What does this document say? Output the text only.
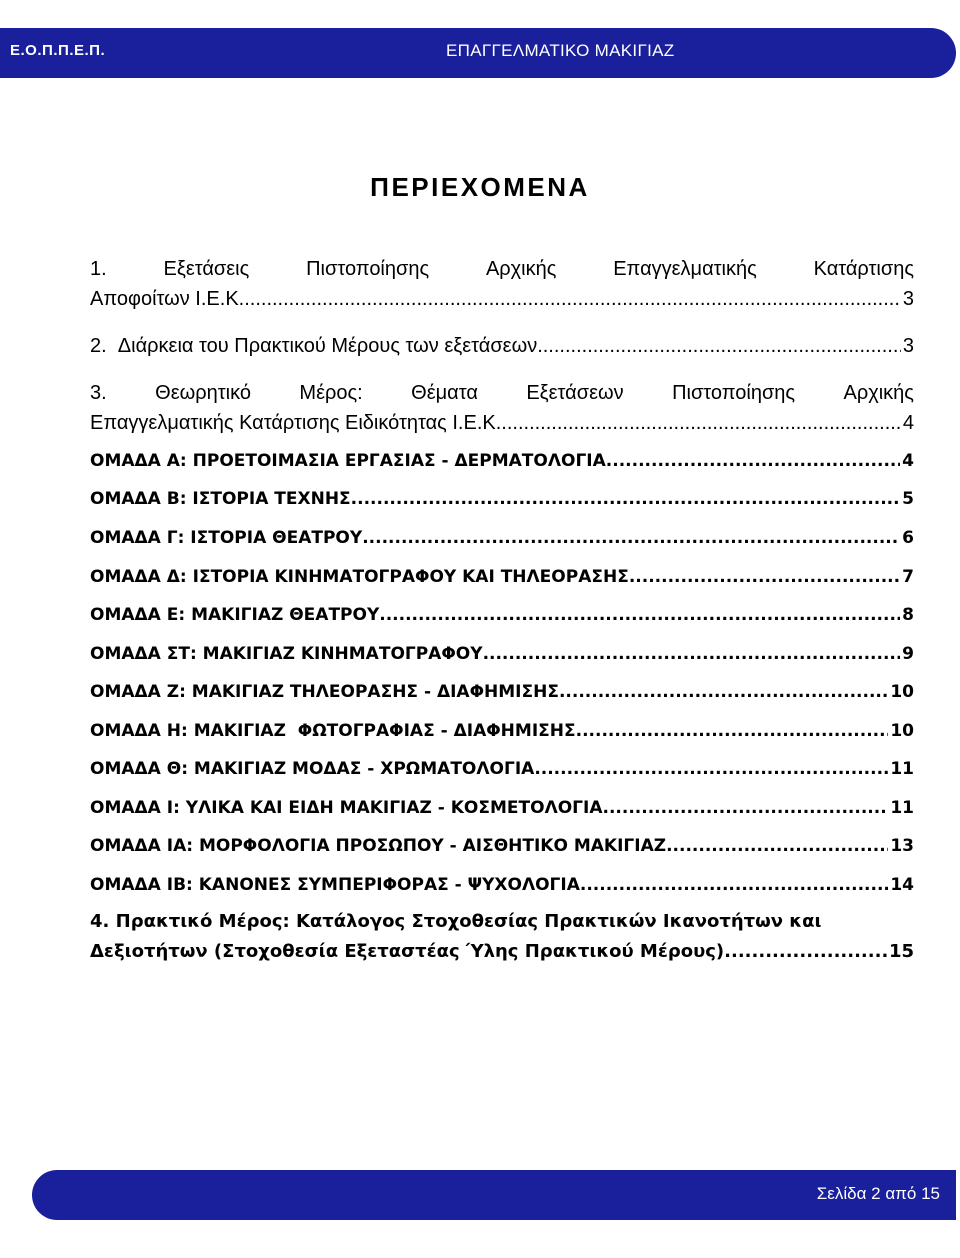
Ε.Ο.Π.Π.Ε.Π.	ΕΠΑΓΓΕΛΜΑΤΙΚΟ ΜΑΚΙΓΙΑΖ
ΠΕΡΙΕΧΟΜΕΝΑ
1.	Εξετάσεις	Πιστοποίησης	Αρχικής	Επαγγελματικής	Κατάρτισης
Αποφοίτων Ι.Ε.Κ. .....	3
2.  Διάρκεια του Πρακτικού Μέρους των εξετάσεων .....	3
3. Θεωρητικό Μέρος: Θέματα Εξετάσεων Πιστοποίησης Αρχικής
Επαγγελματικής Κατάρτισης Ειδικότητας Ι.Ε.Κ. .....	4
ΟΜΑΔΑ Α: ΠΡΟΕΤΟΙΜΑΣΙΑ ΕΡΓΑΣΙΑΣ - ΔΕΡΜΑΤΟΛΟΓΙΑ .....	4
ΟΜΑΔΑ Β: ΙΣΤΟΡΙΑ ΤΕΧΝΗΣ .....	5
ΟΜΑΔΑ Γ: ΙΣΤΟΡΙΑ ΘΕΑΤΡΟΥ .....	6
ΟΜΑΔΑ Δ: ΙΣΤΟΡΙΑ ΚΙΝΗΜΑΤΟΓΡΑΦΟΥ ΚΑΙ ΤΗΛΕΟΡΑΣΗΣ .....	7
ΟΜΑΔΑ Ε: ΜΑΚΙΓΙΑΖ ΘΕΑΤΡΟΥ .....	8
ΟΜΑΔΑ ΣΤ: ΜΑΚΙΓΙΑΖ ΚΙΝΗΜΑΤΟΓΡΑΦΟΥ .....	9
ΟΜΑΔΑ Ζ: ΜΑΚΙΓΙΑΖ ΤΗΛΕΟΡΑΣΗΣ - ΔΙΑΦΗΜΙΣΗΣ .....	10
ΟΜΑΔΑ Η: ΜΑΚΙΓΙΑΖ  ΦΩΤΟΓΡΑΦΙΑΣ - ΔΙΑΦΗΜΙΣΗΣ .....	10
ΟΜΑΔΑ Θ: ΜΑΚΙΓΙΑΖ ΜΟΔΑΣ - ΧΡΩΜΑΤΟΛΟΓΙΑ .....	11
ΟΜΑΔΑ Ι: ΥΛΙΚΑ ΚΑΙ ΕΙΔΗ ΜΑΚΙΓΙΑΖ - ΚΟΣΜΕΤΟΛΟΓΙΑ .....	11
ΟΜΑΔΑ ΙΑ: ΜΟΡΦΟΛΟΓΙΑ ΠΡΟΣΩΠΟΥ - ΑΙΣΘΗΤΙΚΟ ΜΑΚΙΓΙΑΖ .....	13
ΟΜΑΔΑ ΙΒ: ΚΑΝΟΝΕΣ ΣΥΜΠΕΡΙΦΟΡΑΣ - ΨΥΧΟΛΟΓΙΑ .....	14
4. Πρακτικό Μέρος: Κατάλογος Στοχοθεσίας Πρακτικών Ικανοτήτων και
Δεξιοτήτων (Στοχοθεσία Εξεταστέας Ύλης Πρακτικού Μέρους) .....	15
Σελίδα 2 από 15
